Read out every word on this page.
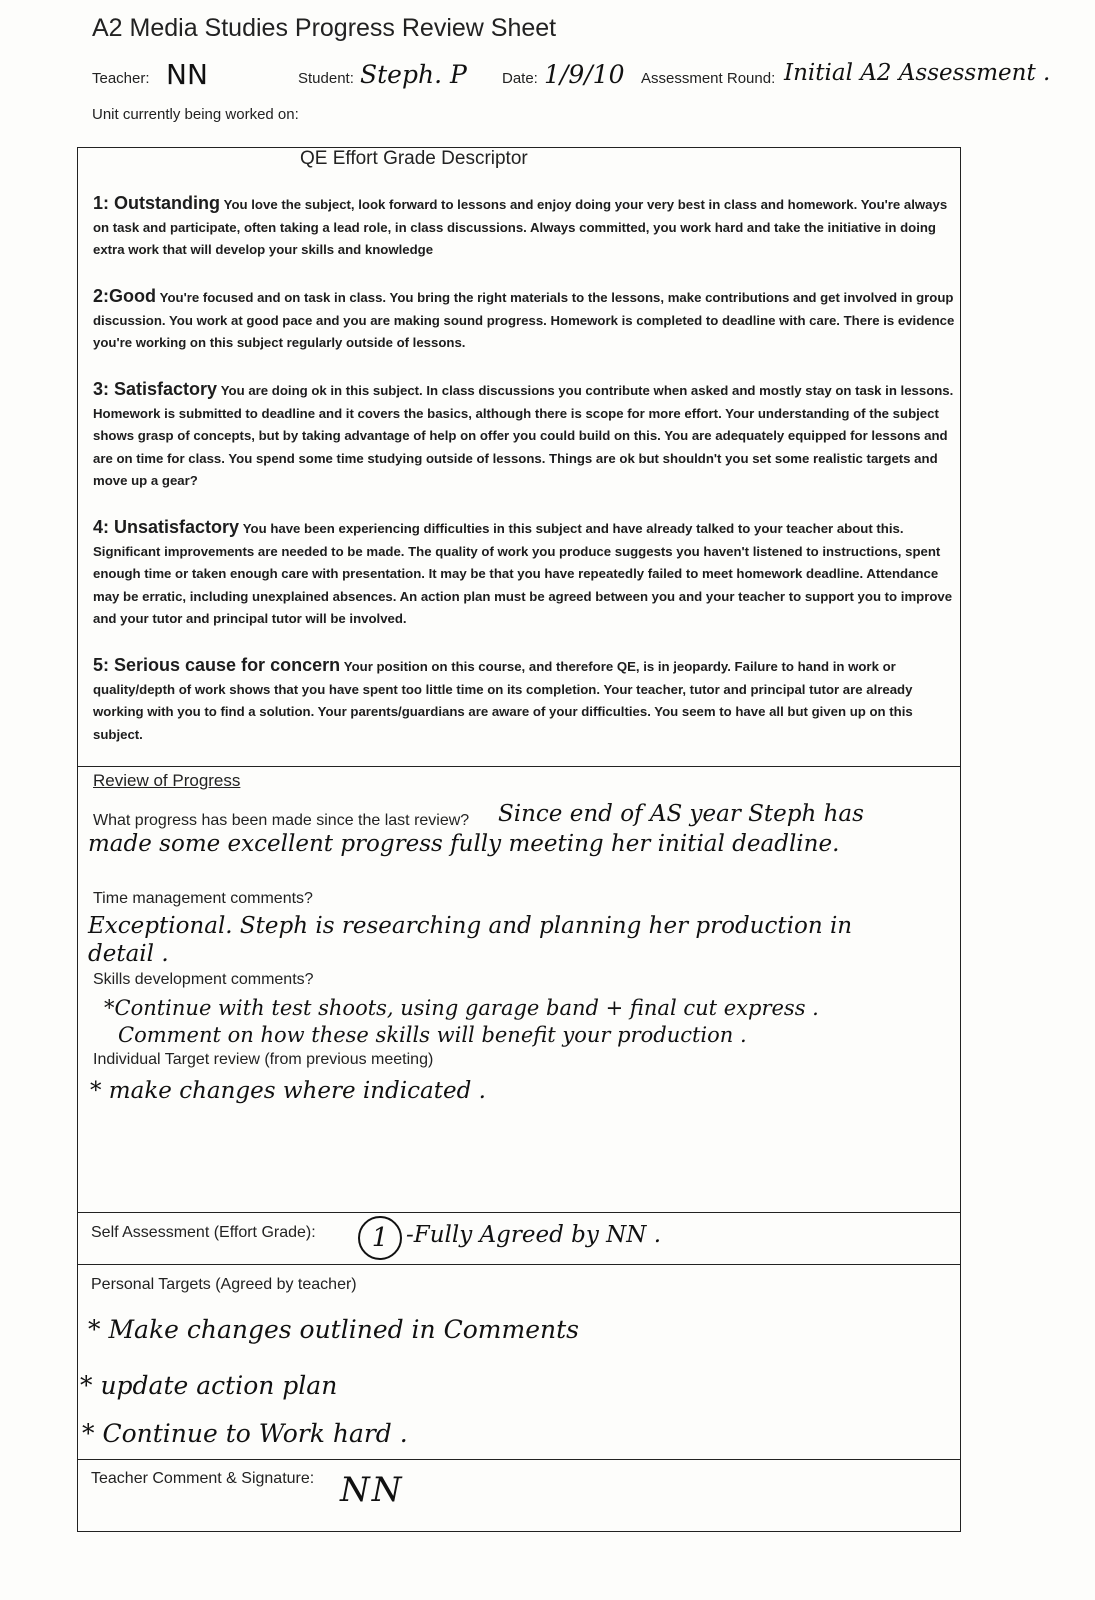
A2 Media Studies Progress Review Sheet
Teacher: NN	Student: Steph. P Date: 1/9/10 Assessment Round: Initial A2 Assessment .
Unit currently being worked on:
QE Effort Grade Descriptor
1: Outstanding You love the subject, look forward to lessons and enjoy doing your very best in class and homework. You're always on task and participate, often taking a lead role, in class discussions. Always committed, you work hard and take the initiative in doing extra work that will develop your skills and knowledge
2:Good You're focused and on task in class. You bring the right materials to the lessons, make contributions and get involved in group discussion. You work at good pace and you are making sound progress. Homework is completed to deadline with care. There is evidence you're working on this subject regularly outside of lessons.
3: Satisfactory You are doing ok in this subject. In class discussions you contribute when asked and mostly stay on task in lessons. Homework is submitted to deadline and it covers the basics, although there is scope for more effort. Your understanding of the subject shows grasp of concepts, but by taking advantage of help on offer you could build on this. You are adequately equipped for lessons and are on time for class. You spend some time studying outside of lessons. Things are ok but shouldn't you set some realistic targets and move up a gear?
4: Unsatisfactory You have been experiencing difficulties in this subject and have already talked to your teacher about this. Significant improvements are needed to be made. The quality of work you produce suggests you haven't listened to instructions, spent enough time or taken enough care with presentation. It may be that you have repeatedly failed to meet homework deadline. Attendance may be erratic, including unexplained absences. An action plan must be agreed between you and your teacher to support you to improve and your tutor and principal tutor will be involved.
5: Serious cause for concern Your position on this course, and therefore QE, is in jeopardy. Failure to hand in work or quality/depth of work shows that you have spent too little time on its completion. Your teacher, tutor and principal tutor are already working with you to find a solution. Your parents/guardians are aware of your difficulties. You seem to have all but given up on this subject.
Review of Progress
What progress has been made since the last review? Since end of AS year Steph has
made some excellent progress fully meeting her initial deadline.
Time management comments?
Exceptional. Steph is researching and planning her production in
detail .
Skills development comments?
*Continue with test shoots, using garage band + final cut express .
Comment on how these skills will benefit your production .
Individual Target review (from previous meeting)
* make changes where indicated .
Self Assessment (Effort Grade):	1 -Fully Agreed by NN .
Personal Targets (Agreed by teacher)
* Make changes outlined in Comments
* update action plan
* Continue to Work hard .
Teacher Comment & Signature: NN
